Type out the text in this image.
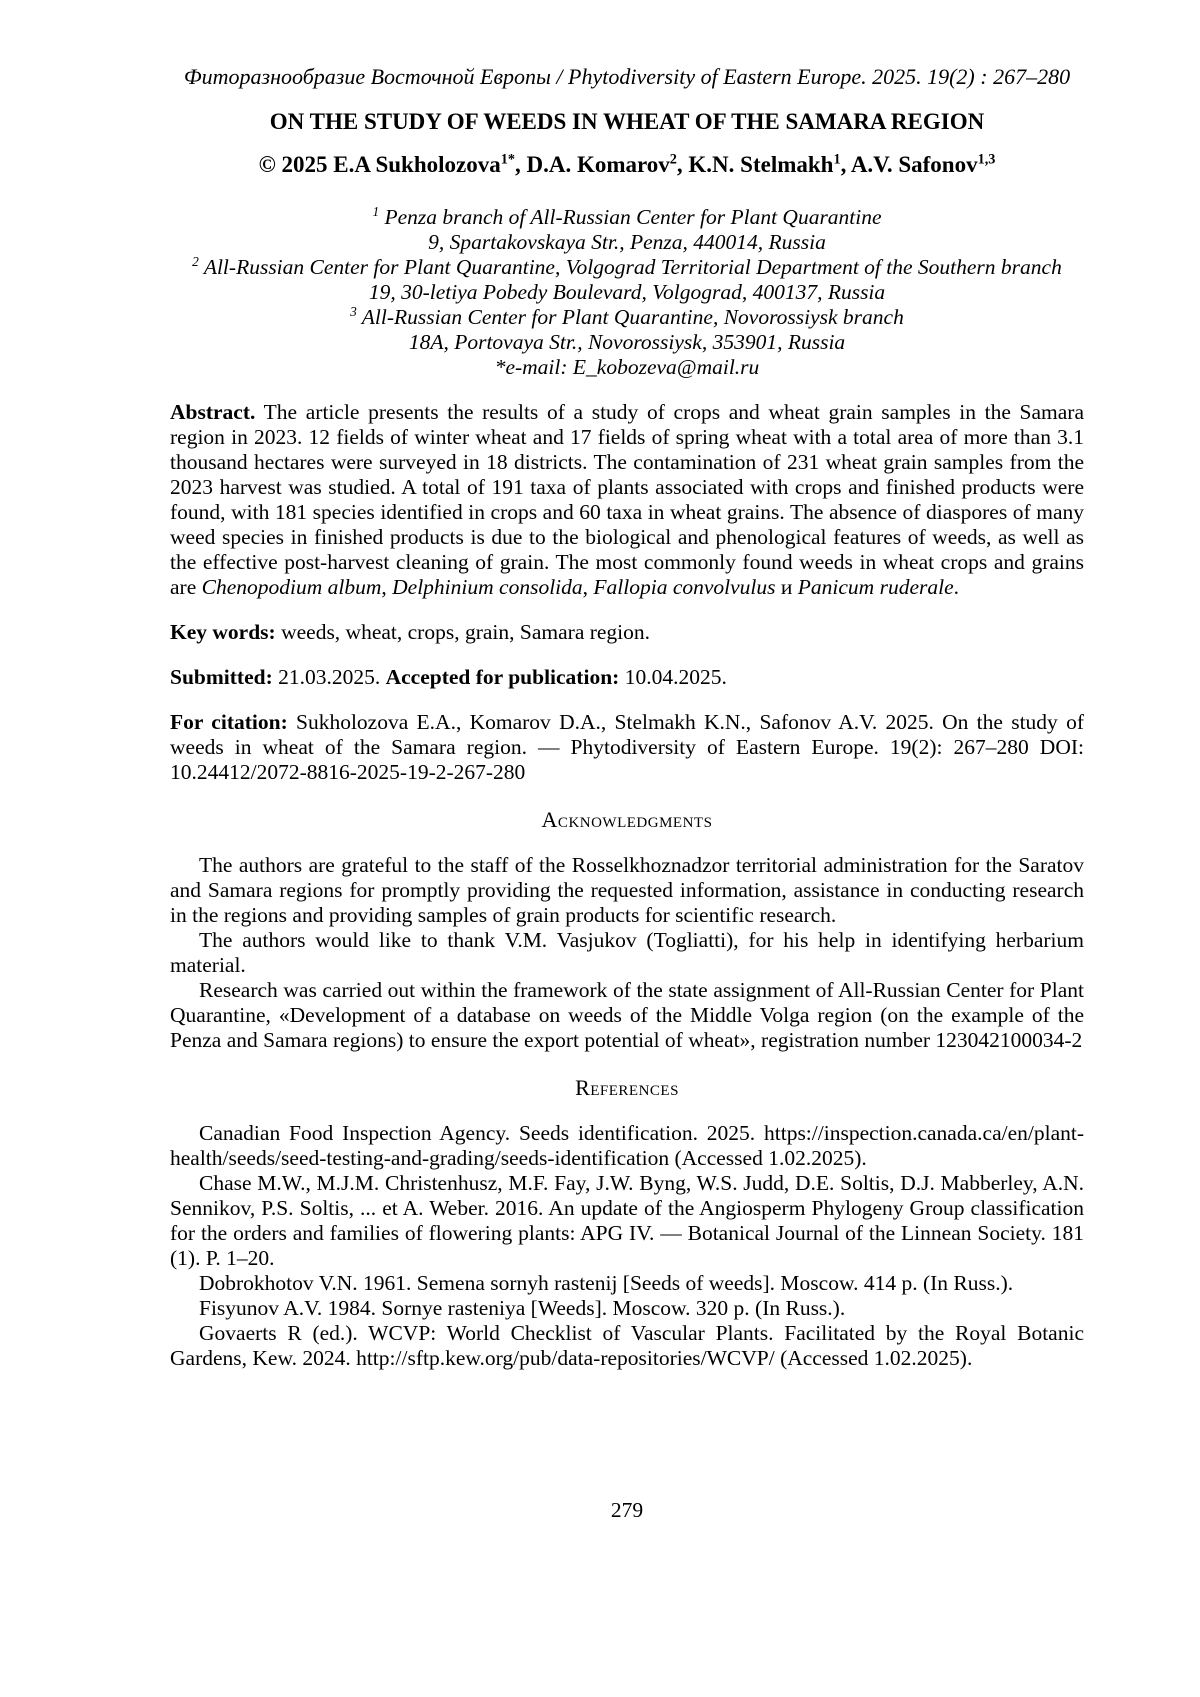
Фиторазнообразие Восточной Европы / Phytodiversity of Eastern Europe. 2025. 19(2) : 267–280
ON THE STUDY OF WEEDS IN WHEAT OF THE SAMARA REGION
© 2025 E.A Sukholozova$^{1*}$, D.A. Komarov$^2$, K.N. Stelmakh$^1$, A.V. Safonov$^{1,3}$
$^1$ Penza branch of All-Russian Center for Plant Quarantine
9, Spartakovskaya Str., Penza, 440014, Russia
$^2$ All-Russian Center for Plant Quarantine, Volgograd Territorial Department of the Southern branch
19, 30-letiya Pobedy Boulevard, Volgograd, 400137, Russia
$^3$ All-Russian Center for Plant Quarantine, Novorossiysk branch
18A, Portovaya Str., Novorossiysk, 353901, Russia
*e-mail: E_kobozeva@mail.ru

Abstract. The article presents the results of a study of crops and wheat grain samples in the Samara region in 2023. 12 fields of winter wheat and 17 fields of spring wheat with a total area of more than 3.1 thousand hectares were surveyed in 18 districts. The contamination of 231 wheat grain samples from the 2023 harvest was studied. A total of 191 taxa of plants associated with crops and finished products were found, with 181 species identified in crops and 60 taxa in wheat grains. The absence of diaspores of many weed species in finished products is due to the biological and phenological features of weeds, as well as the effective post-harvest cleaning of grain. The most commonly found weeds in wheat crops and grains are Chenopodium album, Delphinium consolida, Fallopia convolvulus и Panicum ruderale.

Key words: weeds, wheat, crops, grain, Samara region.

Submitted: 21.03.2025. Accepted for publication: 10.04.2025.

For citation: Sukholozova E.A., Komarov D.A., Stelmakh K.N., Safonov A.V. 2025. On the study of weeds in wheat of the Samara region. — Phytodiversity of Eastern Europe. 19(2): 267–280 DOI: 10.24412/2072-8816-2025-19-2-267-280

Acknowledgments
The authors are grateful to the staff of the Rosselkhoznadzor territorial administration for the Saratov and Samara regions for promptly providing the requested information, assistance in conducting research in the regions and providing samples of grain products for scientific research.
The authors would like to thank V.M. Vasjukov (Togliatti), for his help in identifying herbarium material.
Research was carried out within the framework of the state assignment of All-Russian Center for Plant Quarantine, «Development of a database on weeds of the Middle Volga region (on the example of the Penza and Samara regions) to ensure the export potential of wheat», registration number 123042100034-2
References
Canadian Food Inspection Agency. Seeds identification. 2025. https://inspection.canada.ca/en/plant-health/seeds/seed-testing-and-grading/seeds-identification (Accessed 1.02.2025).
Chase M.W., M.J.M. Christenhusz, M.F. Fay, J.W. Byng, W.S. Judd, D.E. Soltis, D.J. Mabberley, A.N. Sennikov, P.S. Soltis, ... et A. Weber. 2016. An update of the Angiosperm Phylogeny Group classification for the orders and families of flowering plants: APG IV. — Botanical Journal of the Linnean Society. 181 (1). P. 1–20.
Dobrokhotov V.N. 1961. Semena sornyh rastenij [Seeds of weeds]. Moscow. 414 p. (In Russ.).
Fisyunov A.V. 1984. Sornye rasteniya [Weeds]. Moscow. 320 p. (In Russ.).
Govaerts R (ed.). WCVP: World Checklist of Vascular Plants. Facilitated by the Royal Botanic Gardens, Kew. 2024. http://sftp.kew.org/pub/data-repositories/WCVP/ (Accessed 1.02.2025).
279
